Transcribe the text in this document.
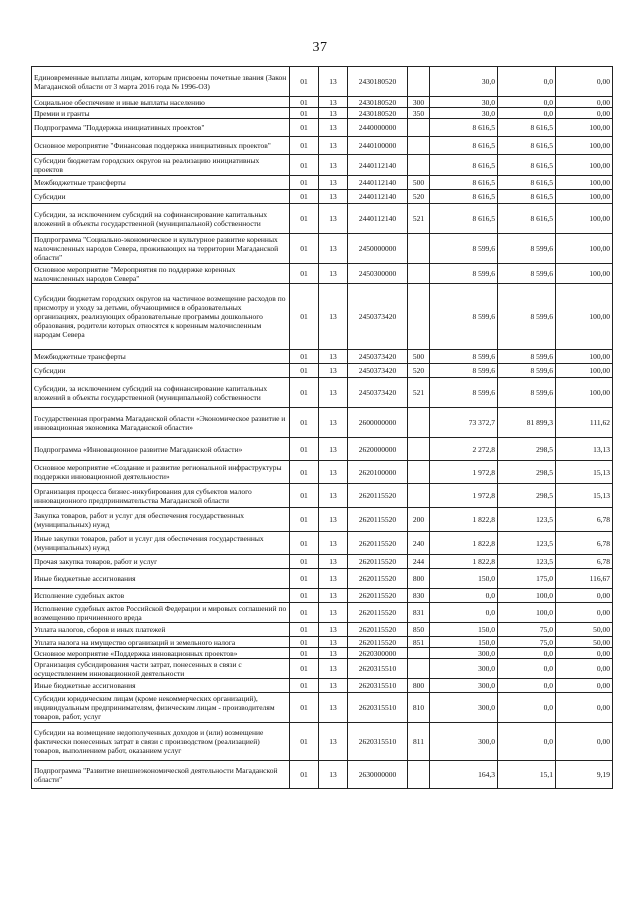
37
Единовременные выплаты лицам, которым присвоены почетные звания (Закон Магаданской области от 3 марта 2016 года № 1996-ОЗ)	01	13	2430180520		30,0	0,0	0,00
Социальное обеспечение и иные выплаты населению	01	13	2430180520	300	30,0	0,0	0,00
Премии и гранты	01	13	2430180520	350	30,0	0,0	0,00
Подпрограмма "Поддержка инициативных проектов"	01	13	2440000000		8 616,5	8 616,5	100,00
Основное мероприятие "Финансовая поддержка инициативных проектов"	01	13	2440100000		8 616,5	8 616,5	100,00
Субсидии бюджетам городских округов на реализацию инициативных проектов	01	13	2440112140		8 616,5	8 616,5	100,00
Межбюджетные трансферты	01	13	2440112140	500	8 616,5	8 616,5	100,00
Субсидии	01	13	2440112140	520	8 616,5	8 616,5	100,00
Субсидии, за исключением субсидий на софинансирование капитальных вложений в объекты государственной (муниципальной) собственности	01	13	2440112140	521	8 616,5	8 616,5	100,00
Подпрограмма "Социально-экономическое и культурное развитие коренных малочисленных народов Севера, проживающих на территории Магаданской области"	01	13	2450000000		8 599,6	8 599,6	100,00
Основное мероприятие "Мероприятия по поддержке коренных малочисленных народов Севера"	01	13	2450300000		8 599,6	8 599,6	100,00
Субсидии бюджетам городских округов на частичное возмещение расходов по присмотру и уходу за детьми, обучающимися в образовательных организациях, реализующих образовательные программы дошкольного образования, родители которых относятся к коренным малочисленным народам Севера	01	13	2450373420		8 599,6	8 599,6	100,00
Межбюджетные трансферты	01	13	2450373420	500	8 599,6	8 599,6	100,00
Субсидии	01	13	2450373420	520	8 599,6	8 599,6	100,00
Субсидии, за исключением субсидий на софинансирование капитальных вложений в объекты государственной (муниципальной) собственности	01	13	2450373420	521	8 599,6	8 599,6	100,00
Государственная программа Магаданской области «Экономическое развитие и инновационная экономика Магаданской области»	01	13	2600000000		73 372,7	81 899,3	111,62
Подпрограмма «Инновационное развитие Магаданской области»	01	13	2620000000		2 272,8	298,5	13,13
Основное мероприятие «Создание и развитие региональной инфраструктуры поддержки инновационной деятельности»	01	13	2620100000		1 972,8	298,5	15,13
Организация процесса бизнес-инкубирования для субъектов малого инновационного предпринимательства Магаданской области	01	13	2620115520		1 972,8	298,5	15,13
Закупка товаров, работ и услуг для обеспечения государственных (муниципальных) нужд	01	13	2620115520	200	1 822,8	123,5	6,78
Иные закупки товаров, работ и услуг для обеспечения государственных (муниципальных) нужд	01	13	2620115520	240	1 822,8	123,5	6,78
Прочая закупка товаров, работ и услуг	01	13	2620115520	244	1 822,8	123,5	6,78
Иные бюджетные ассигнования	01	13	2620115520	800	150,0	175,0	116,67
Исполнение судебных актов	01	13	2620115520	830	0,0	100,0	0,00
Исполнение судебных актов Российской Федерации и мировых соглашений по возмещению причиненного вреда	01	13	2620115520	831	0,0	100,0	0,00
Уплата налогов, сборов и иных платежей	01	13	2620115520	850	150,0	75,0	50,00
Уплата налога на имущество организаций и земельного налога	01	13	2620115520	851	150,0	75,0	50,00
Основное мероприятие «Поддержка инновационных проектов»	01	13	2620300000		300,0	0,0	0,00
Организация субсидирования части затрат, понесенных в связи с осуществлением инновационной деятельности	01	13	2620315510		300,0	0,0	0,00
Иные бюджетные ассигнования	01	13	2620315510	800	300,0	0,0	0,00
Субсидии юридическим лицам (кроме некоммерческих организаций), индивидуальным предпринимателям, физическим лицам - производителям товаров, работ, услуг	01	13	2620315510	810	300,0	0,0	0,00
Субсидии на возмещение недополученных доходов и (или) возмещение фактически понесенных затрат в связи с производством (реализацией) товаров, выполнением работ, оказанием услуг	01	13	2620315510	811	300,0	0,0	0,00
Подпрограмма "Развитие внешнеэкономической деятельности Магаданской области"	01	13	2630000000		164,3	15,1	9,19
